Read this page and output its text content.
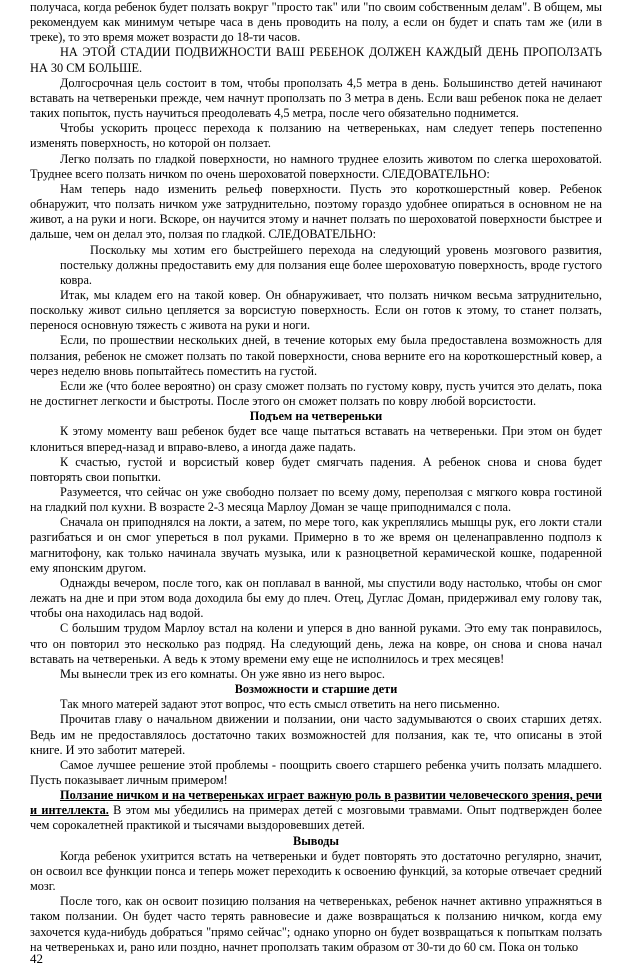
получаса, когда ребенок будет ползать вокруг "просто так" или "по своим собственным делам". В общем, мы рекомендуем как минимум четыре часа в день проводить на полу, а если он будет и спать там же (или в треке), то это время может возрасти до 18-ти часов.

НА ЭТОЙ СТАДИИ ПОДВИЖНОСТИ ВАШ РЕБЕНОК ДОЛЖЕН КАЖДЫЙ ДЕНЬ ПРОПОЛЗАТЬ НА 30 СМ БОЛЬШЕ.

Долгосрочная цель состоит в том, чтобы проползать 4,5 метра в день. Большинство детей начинают вставать на четвереньки прежде, чем начнут проползать по 3 метра в день. Если ваш ребенок пока не делает таких попыток, пусть научиться преодолевать 4,5 метра, после чего обязательно поднимется.

Чтобы ускорить процесс перехода к ползанию на четвереньках, нам следует теперь постепенно изменять поверхность, но которой он ползает.

Легко ползать по гладкой поверхности, но намного труднее елозить животом по слегка шероховатой. Труднее всего ползать ничком по очень шероховатой поверхности. СЛЕДОВАТЕЛЬНО:

Нам теперь надо изменить рельеф поверхности. Пусть это короткошерстный ковер. Ребенок обнаружит, что ползать ничком уже затруднительно, поэтому гораздо удобнее опираться в основном не на живот, а на руки и ноги. Вскоре, он научится этому и начнет ползать по шероховатой поверхности быстрее и дальше, чем он делал это, ползая по гладкой. СЛЕДОВАТЕЛЬНО:

Поскольку мы хотим его быстрейшего перехода на следующий уровень мозгового развития, постельку должны предоставить ему для ползания еще более шероховатую поверхность, вроде густого ковра.

Итак, мы кладем его на такой ковер. Он обнаруживает, что ползать ничком весьма затруднительно, поскольку живот сильно цепляется за ворсистую поверхность. Если он готов к этому, то станет ползать, перенося основную тяжесть с живота на руки и ноги.

Если, по прошествии нескольких дней, в течение которых ему была предоставлена возможность для ползания, ребенок не сможет ползать по такой поверхности, снова верните его на короткошерстный ковер, а через неделю вновь попытайтесь поместить на густой.

Если же (что более вероятно) он сразу сможет ползать по густому ковру, пусть учится это делать, пока не достигнет легкости и быстроты. После этого он сможет ползать по ковру любой ворсистости.

Подъем на четвереньки

К этому моменту ваш ребенок будет все чаще пытаться вставать на четвереньки. При этом он будет клониться вперед-назад и вправо-влево, а иногда даже падать.

К счастью, густой и ворсистый ковер будет смягчать падения. А ребенок снова и снова будет повторять свои попытки.

Разумеется, что сейчас он уже свободно ползает по всему дому, переползая с мягкого ковра гостиной на гладкий пол кухни. В возрасте 2-3 месяца Марлоу Доман зе чаще приподнимался с пола.

Сначала он приподнялся на локти, а затем, по мере того, как укреплялись мышцы рук, его локти стали разгибаться и он смог упереться в пол руками. Примерно в то же время он целенаправленно подполз к магнитофону, как только начинала звучать музыка, или к разноцветной керамической кошке, подаренной ему японским другом.

Однажды вечером, после того, как он поплавал в ванной, мы спустили воду настолько, чтобы он смог лежать на дне и при этом вода доходила бы ему до плеч. Отец, Дуглас Доман, придерживал ему голову так, чтобы она находилась над водой.

С большим трудом Марлоу встал на колени и уперся в дно ванной руками. Это ему так понравилось, что он повторил это несколько раз подряд. На следующий день, лежа на ковре, он снова и снова начал вставать на четвереньки. А ведь к этому времени ему еще не исполнилось и трех месяцев!

Мы вынесли трек из его комнаты. Он уже явно из него вырос.

Возможности и старшие дети

Так много матерей задают этот вопрос, что есть смысл ответить на него письменно.

Прочитав главу о начальном движении и ползании, они часто задумываются о своих старших детях. Ведь им не предоставлялось достаточно таких возможностей для ползания, как те, что описаны в этой книге. И это заботит матерей.

Самое лучшее решение этой проблемы - поощрить своего старшего ребенка учить ползать младшего. Пусть показывает личным примером!

Ползание ничком и на четвереньках играет важную роль в развитии человеческого зрения, речи и интеллекта. В этом мы убедились на примерах детей с мозговыми травмами. Опыт подтвержден более чем сорокалетней практикой и тысячами выздоровевших детей.

Выводы

Когда ребенок ухитрится встать на четвереньки и будет повторять это достаточно регулярно, значит, он освоил все функции понса и теперь может переходить к освоению функций, за которые отвечает средний мозг.

После того, как он освоит позицию ползания на четвереньках, ребенок начнет активно упражняться в таком ползании. Он будет часто терять равновесие и даже возвращаться к ползанию ничком, когда ему захочется куда-нибудь добраться "прямо сейчас"; однако упорно он будет возвращаться к попыткам ползать на четвереньках и, рано или поздно, начнет проползать таким образом от 30-ти до 60 см. Пока он только

42
